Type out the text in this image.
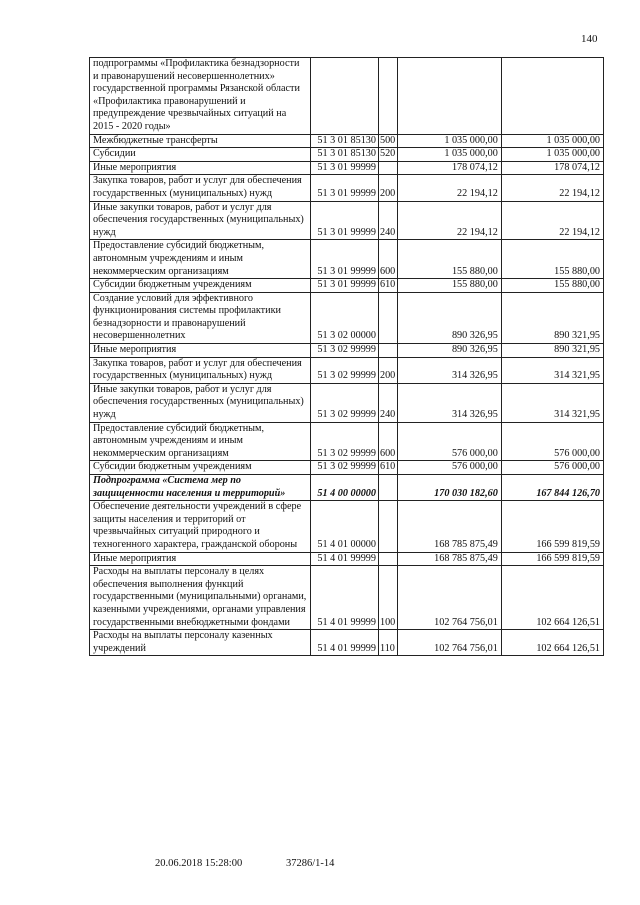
140
подпрограммы «Профилактика безнадзорности и правонарушений несовершеннолетних» государственной программы Рязанской области «Профилактика правонарушений и предупреждение чрезвычайных ситуаций на 2015 - 2020 годы»				
Межбюджетные трансферты	51 3 01 85130	500	1 035 000,00	1 035 000,00
Субсидии	51 3 01 85130	520	1 035 000,00	1 035 000,00
Иные мероприятия	51 3 01 99999		178 074,12	178 074,12
Закупка товаров, работ и услуг для обеспечения государственных (муниципальных) нужд	51 3 01 99999	200	22 194,12	22 194,12
Иные закупки товаров, работ и услуг для обеспечения государственных (муниципальных) нужд	51 3 01 99999	240	22 194,12	22 194,12
Предоставление субсидий бюджетным, автономным учреждениям и иным некоммерческим организациям	51 3 01 99999	600	155 880,00	155 880,00
Субсидии бюджетным учреждениям	51 3 01 99999	610	155 880,00	155 880,00
Создание условий для эффективного функционирования системы профилактики безнадзорности и правонарушений несовершеннолетних	51 3 02 00000		890 326,95	890 321,95
Иные мероприятия	51 3 02 99999		890 326,95	890 321,95
Закупка товаров, работ и услуг для обеспечения государственных (муниципальных) нужд	51 3 02 99999	200	314 326,95	314 321,95
Иные закупки товаров, работ и услуг для обеспечения государственных (муниципальных) нужд	51 3 02 99999	240	314 326,95	314 321,95
Предоставление субсидий бюджетным, автономным учреждениям и иным некоммерческим организациям	51 3 02 99999	600	576 000,00	576 000,00
Субсидии бюджетным учреждениям	51 3 02 99999	610	576 000,00	576 000,00
Подпрограмма «Система мер по защищенности населения и территорий»	51 4 00 00000		170 030 182,60	167 844 126,70
Обеспечение деятельности учреждений в сфере защиты населения и территорий от чрезвычайных ситуаций природного и техногенного характера, гражданской обороны	51 4 01 00000		168 785 875,49	166 599 819,59
Иные мероприятия	51 4 01 99999		168 785 875,49	166 599 819,59
Расходы на выплаты персоналу в целях обеспечения выполнения функций государственными (муниципальными) органами, казенными учреждениями, органами управления государственными внебюджетными фондами	51 4 01 99999	100	102 764 756,01	102 664 126,51
Расходы на выплаты персоналу казенных учреждений	51 4 01 99999	110	102 764 756,01	102 664 126,51
20.06.2018 15:28:00	37286/1-14
